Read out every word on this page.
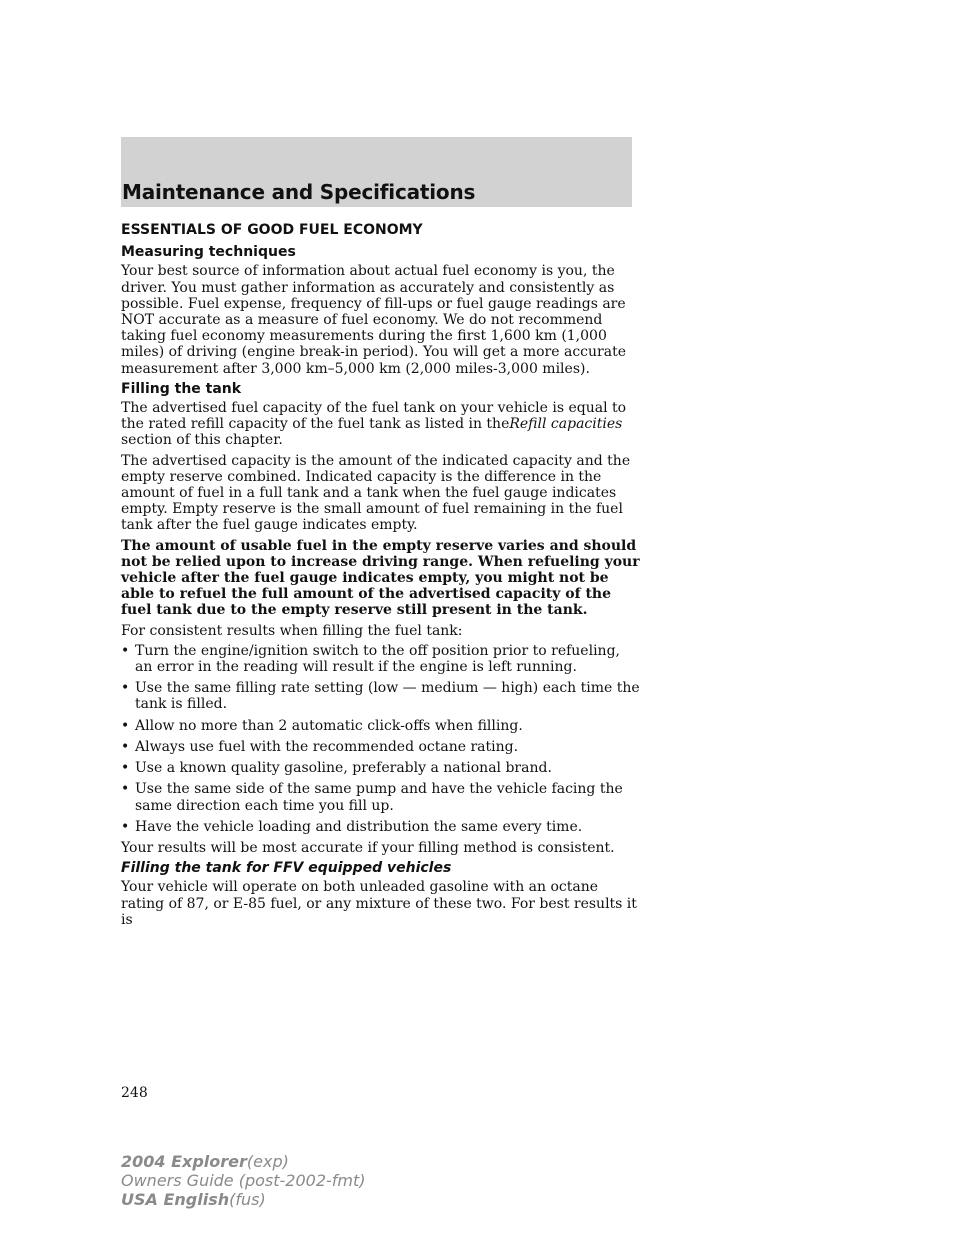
Maintenance and Specifications
ESSENTIALS OF GOOD FUEL ECONOMY
Measuring techniques

Your best source of information about actual fuel economy is you, the driver. You must gather information as accurately and consistently as possible. Fuel expense, frequency of fill-ups or fuel gauge readings are NOT accurate as a measure of fuel economy. We do not recommend taking fuel economy measurements during the first 1,600 km (1,000 miles) of driving (engine break-in period). You will get a more accurate measurement after 3,000 km–5,000 km (2,000 miles-3,000 miles).

Filling the tank

The advertised fuel capacity of the fuel tank on your vehicle is equal to the rated refill capacity of the fuel tank as listed in theRefill capacities section of this chapter.

The advertised capacity is the amount of the indicated capacity and the empty reserve combined. Indicated capacity is the difference in the amount of fuel in a full tank and a tank when the fuel gauge indicates empty. Empty reserve is the small amount of fuel remaining in the fuel tank after the fuel gauge indicates empty.

The amount of usable fuel in the empty reserve varies and should not be relied upon to increase driving range. When refueling your vehicle after the fuel gauge indicates empty, you might not be able to refuel the full amount of the advertised capacity of the fuel tank due to the empty reserve still present in the tank.

For consistent results when filling the fuel tank:

• Turn the engine/ignition switch to the off position prior to refueling, an error in the reading will result if the engine is left running.
• Use the same filling rate setting (low — medium — high) each time the tank is filled.
• Allow no more than 2 automatic click-offs when filling.
• Always use fuel with the recommended octane rating.
• Use a known quality gasoline, preferably a national brand.
• Use the same side of the same pump and have the vehicle facing the same direction each time you fill up.
• Have the vehicle loading and distribution the same every time.

Your results will be most accurate if your filling method is consistent.

Filling the tank for FFV equipped vehicles

Your vehicle will operate on both unleaded gasoline with an octane rating of 87, or E-85 fuel, or any mixture of these two. For best results it is

248
2004 Explorer(exp)
Owners Guide (post-2002-fmt)
USA English(fus)
